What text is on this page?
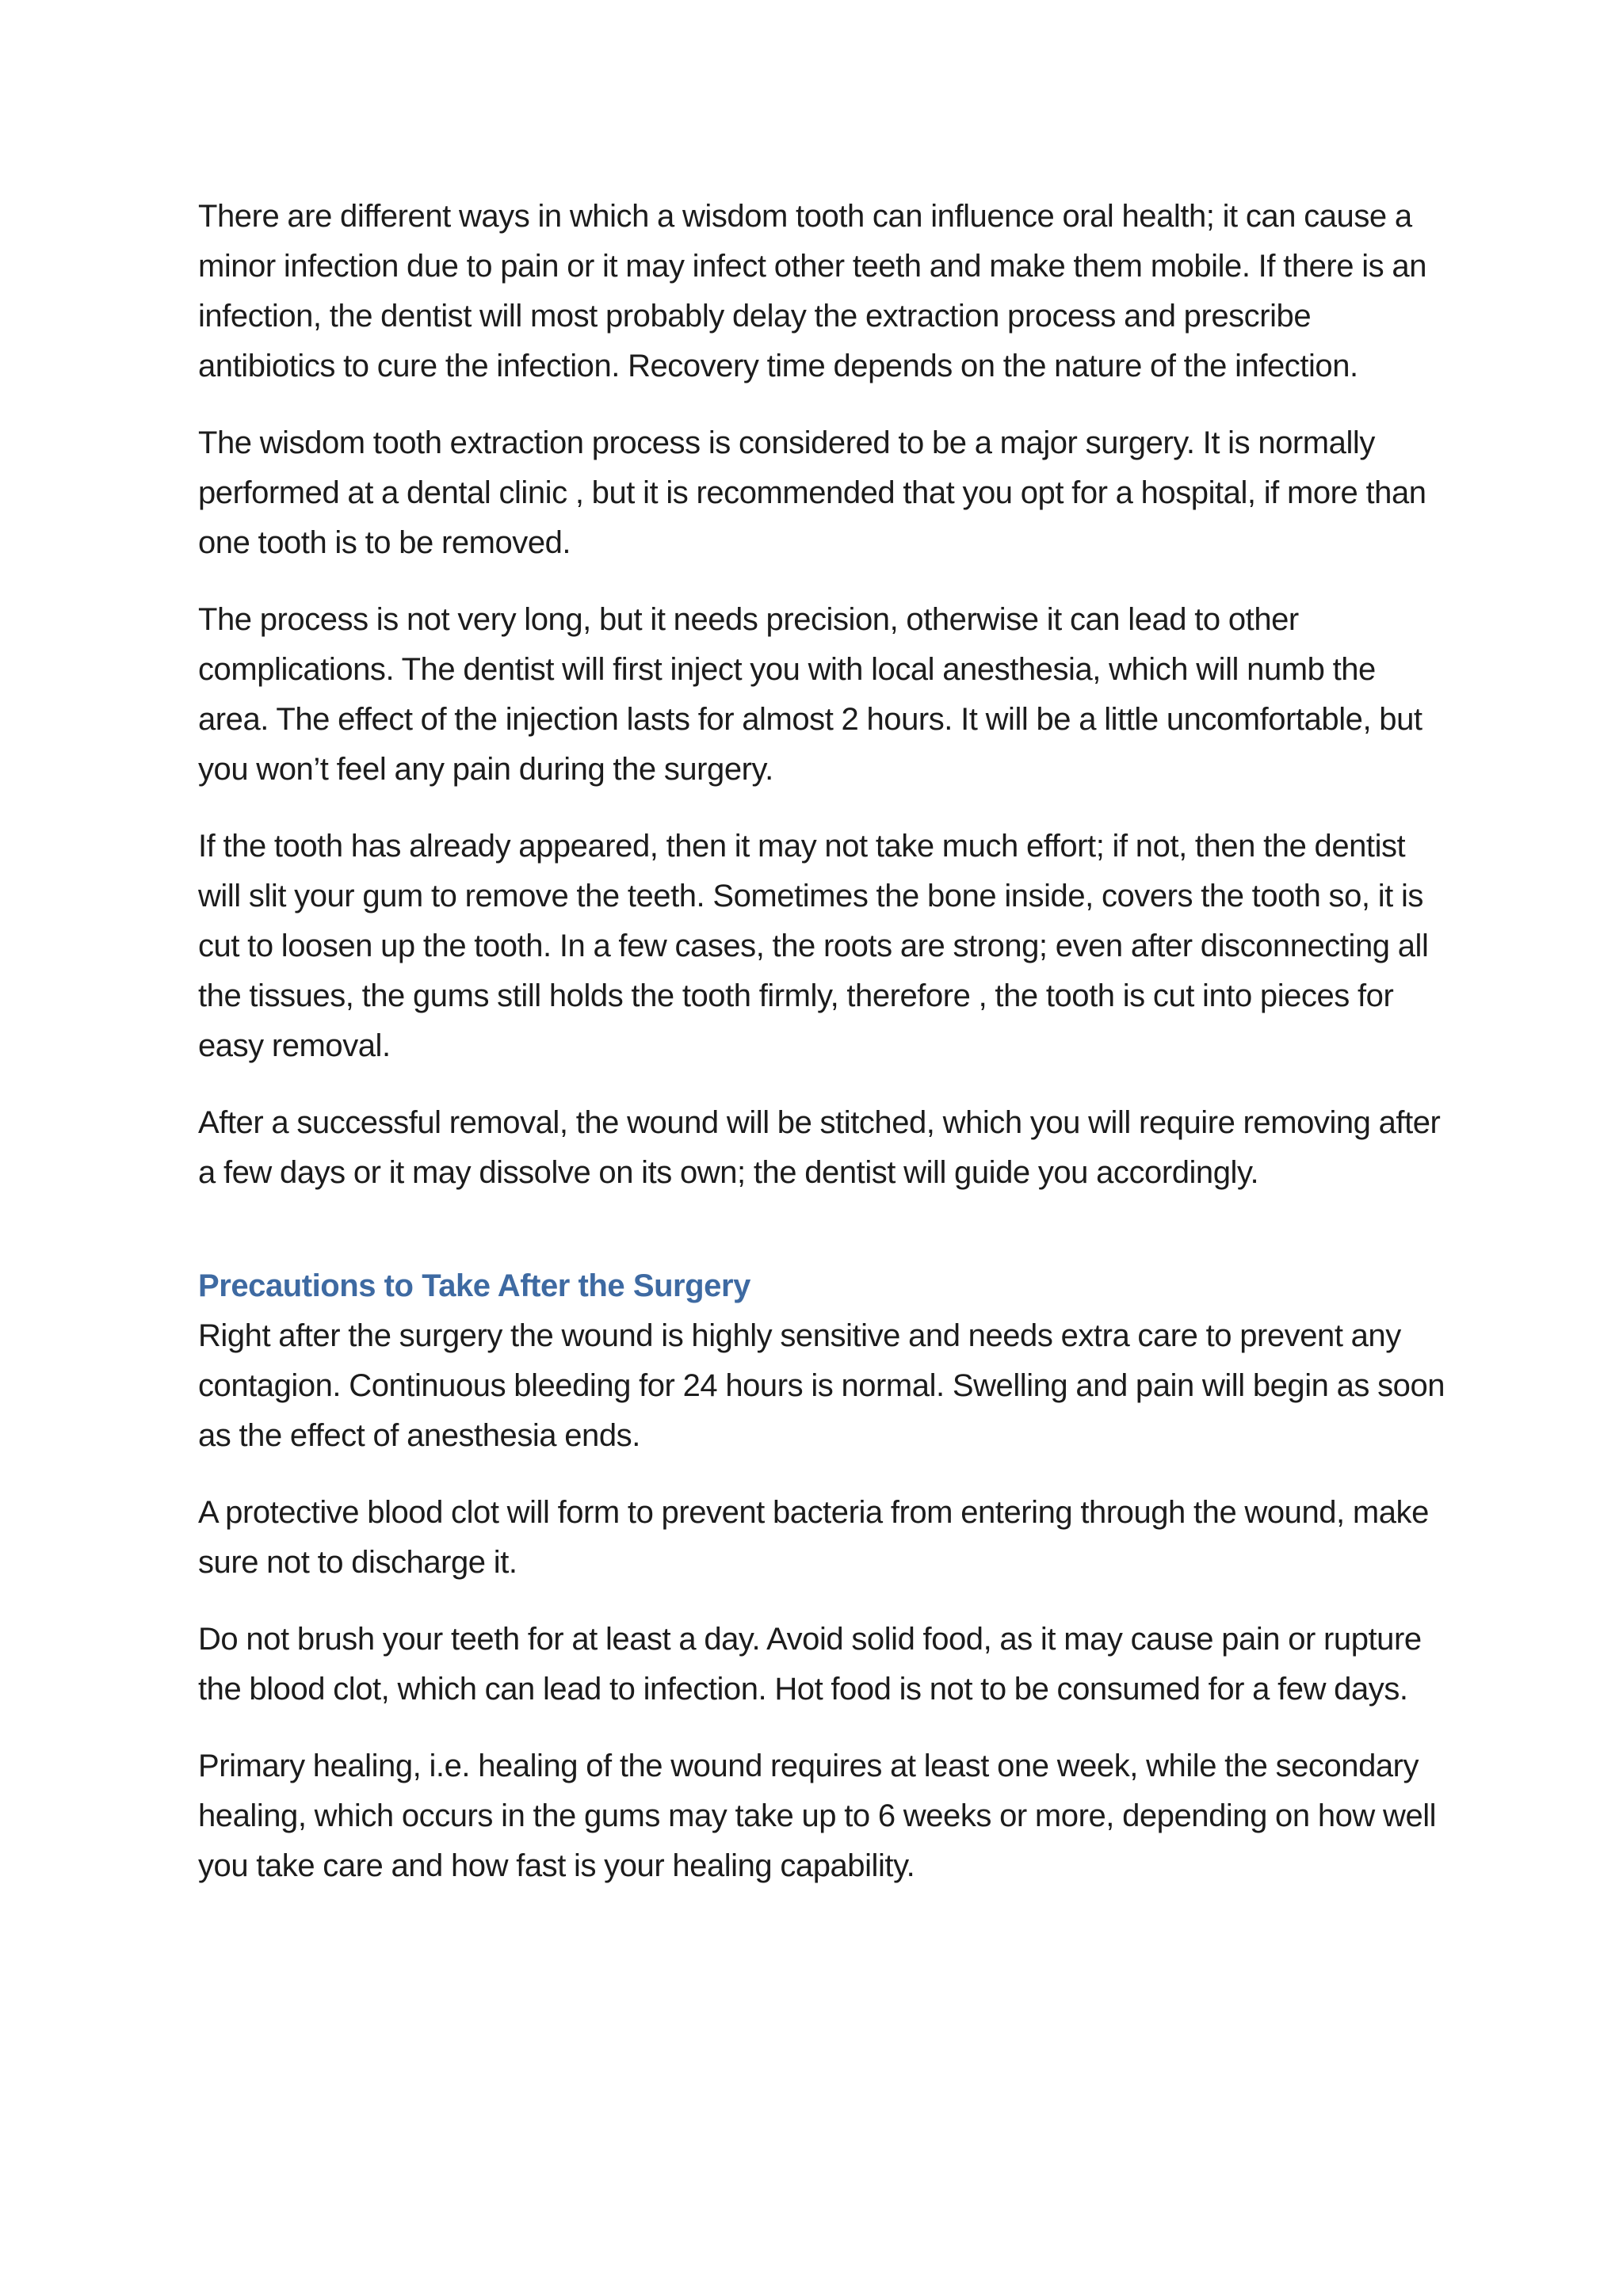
There are different ways in which a wisdom tooth can influence oral health; it can cause a minor infection due to pain or it may infect other teeth and make them mobile. If there is an infection, the dentist will most probably delay the extraction process and prescribe antibiotics to cure the infection. Recovery time depends on the nature of the infection.

The wisdom tooth extraction process is considered to be a major surgery. It is normally performed at a dental clinic , but it is recommended that you opt for a hospital, if more than one tooth is to be removed.

The process is not very long, but it needs precision, otherwise it can lead to other complications. The dentist will first inject you with local anesthesia, which will numb the area. The effect of the injection lasts for almost 2 hours. It will be a little uncomfortable, but you won’t feel any pain during the surgery.

If the tooth has already appeared, then it may not take much effort; if not, then the dentist will slit your gum to remove the teeth. Sometimes the bone inside, covers the tooth so, it is cut to loosen up the tooth. In a few cases, the roots are strong; even after disconnecting all the tissues, the gums still holds the tooth firmly, therefore , the tooth is cut into pieces for easy removal.

After a successful removal, the wound will be stitched, which you will require removing after a few days or it may dissolve on its own; the dentist will guide you accordingly.

Precautions to Take After the Surgery

Right after the surgery the wound is highly sensitive and needs extra care to prevent any contagion. Continuous bleeding for 24 hours is normal. Swelling and pain will begin as soon as the effect of anesthesia ends.

A protective blood clot will form to prevent bacteria from entering through the wound, make sure not to discharge it.

Do not brush your teeth for at least a day. Avoid solid food, as it may cause pain or rupture the blood clot, which can lead to infection. Hot food is not to be consumed for a few days.

Primary healing, i.e. healing of the wound requires at least one week, while the secondary healing, which occurs in the gums may take up to 6 weeks or more, depending on how well you take care and how fast is your healing capability.
